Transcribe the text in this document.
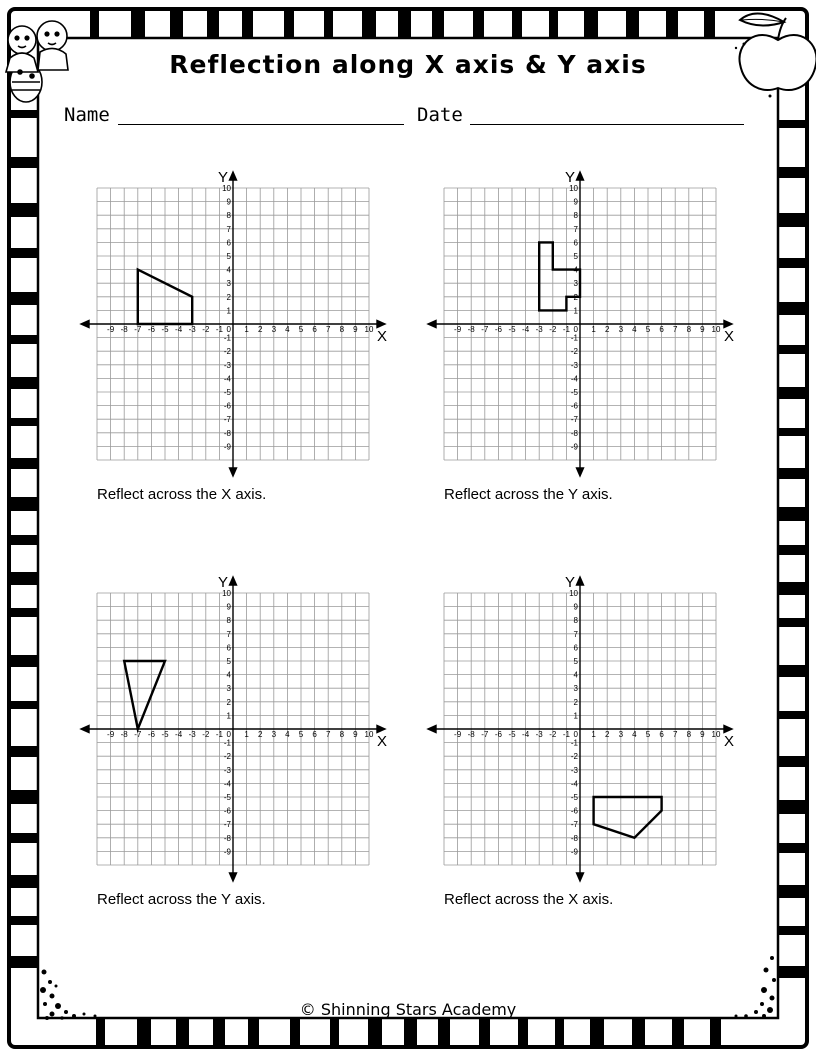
Reflection along X axis & Y axis
Name	Date
X
Y
-9 -8 -7 -6 -5 -4 -3 -2 -1	1 2 3 4 5 6 7 8 9 10
-9
-8
-7
-6
-5
-4
-3
-2
-1
1
2
3
4
5
6
7
8
9
10
0	X
Y
-9 -8 -7 -6 -5 -4 -3 -2 -1	1 2 3 4 5 6 7 8 9 10
-9
-8
-7
-6
-5
-4
-3
-2
-1
1
2
3
4
5
6
7
8
9
10
0
X
Y
-9 -8 -7 -6 -5 -4 -3 -2 -1	1 2 3 4 5 6 7 8 9 10
-9
-8
-7
-6
-5
-4
-3
-2
-1
1
2
3
4
5
6
7
8
9
10
0	X
Y
-9 -8 -7 -6 -5 -4 -3 -2 -1	1 2 3 4 5 6 7 8 9 10
-9
-8
-7
-6
-5
-4
-3
-2
-1
1
2
3
4
5
6
7
8
9
10
0
Reflect across the X axis.	Reflect across the Y axis.
Reflect across the Y axis.	Reflect across the X axis.
© Shinning Stars Academy
